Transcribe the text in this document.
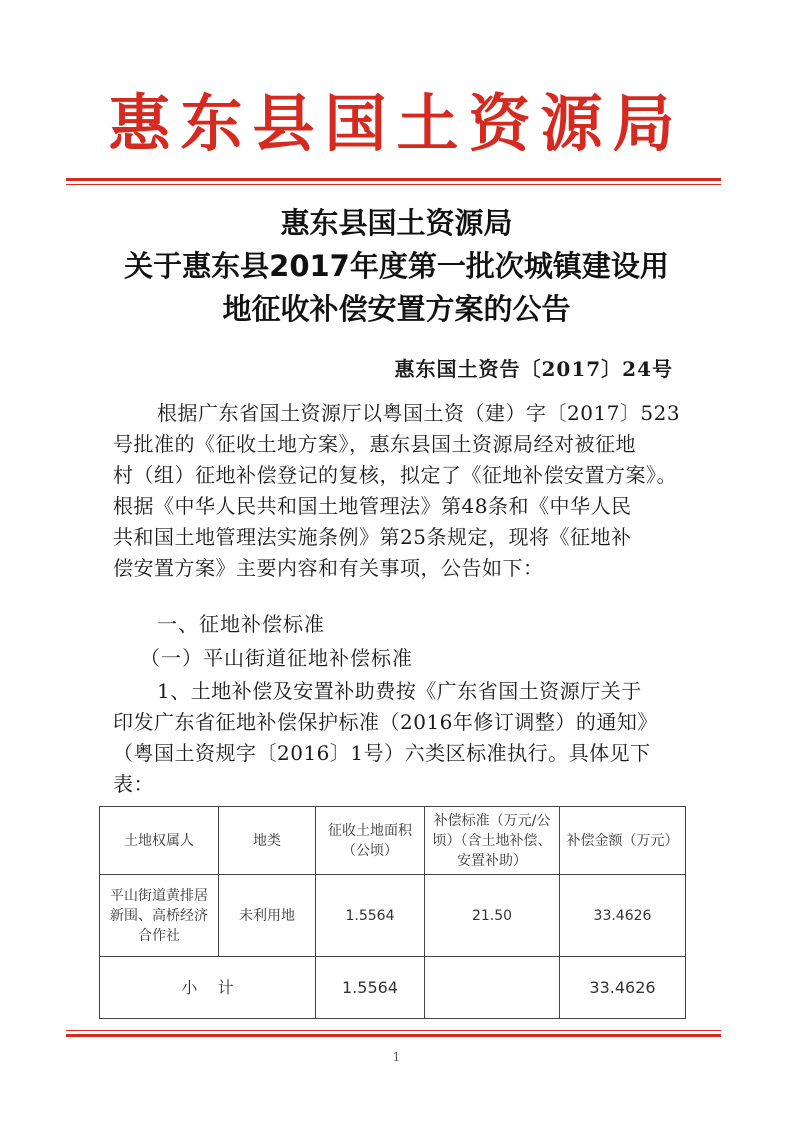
惠东县国土资源局
惠东县国土资源局
关于惠东县2017年度第一批次城镇建设用
地征收补偿安置方案的公告
惠东国土资告〔2017〕24号
根据广东省国土资源厅以粤国土资（建）字〔2017〕523
号批准的《征收土地方案》，惠东县国土资源局经对被征地
村（组）征地补偿登记的复核，拟定了《征地补偿安置方案》。
根据《中华人民共和国土地管理法》第48条和《中华人民
共和国土地管理法实施条例》第25条规定，现将《征地补
偿安置方案》主要内容和有关事项，公告如下：
一、征地补偿标准
（一）平山街道征地补偿标准
1、土地补偿及安置补助费按《广东省国土资源厅关于
印发广东省征地补偿保护标准（2016年修订调整）的通知》
（粤国土资规字〔2016〕1号）六类区标准执行。具体见下
表：
土地权属人	地类	征收土地面积（公顷）	补偿标准（万元/公顷）（含土地补偿、安置补助）	补偿金额（万元）
平山街道黄排居新围、高桥经济合作社	未利用地	1.5564	21.50	33.4626
小    计		1.5564		33.4626
1
